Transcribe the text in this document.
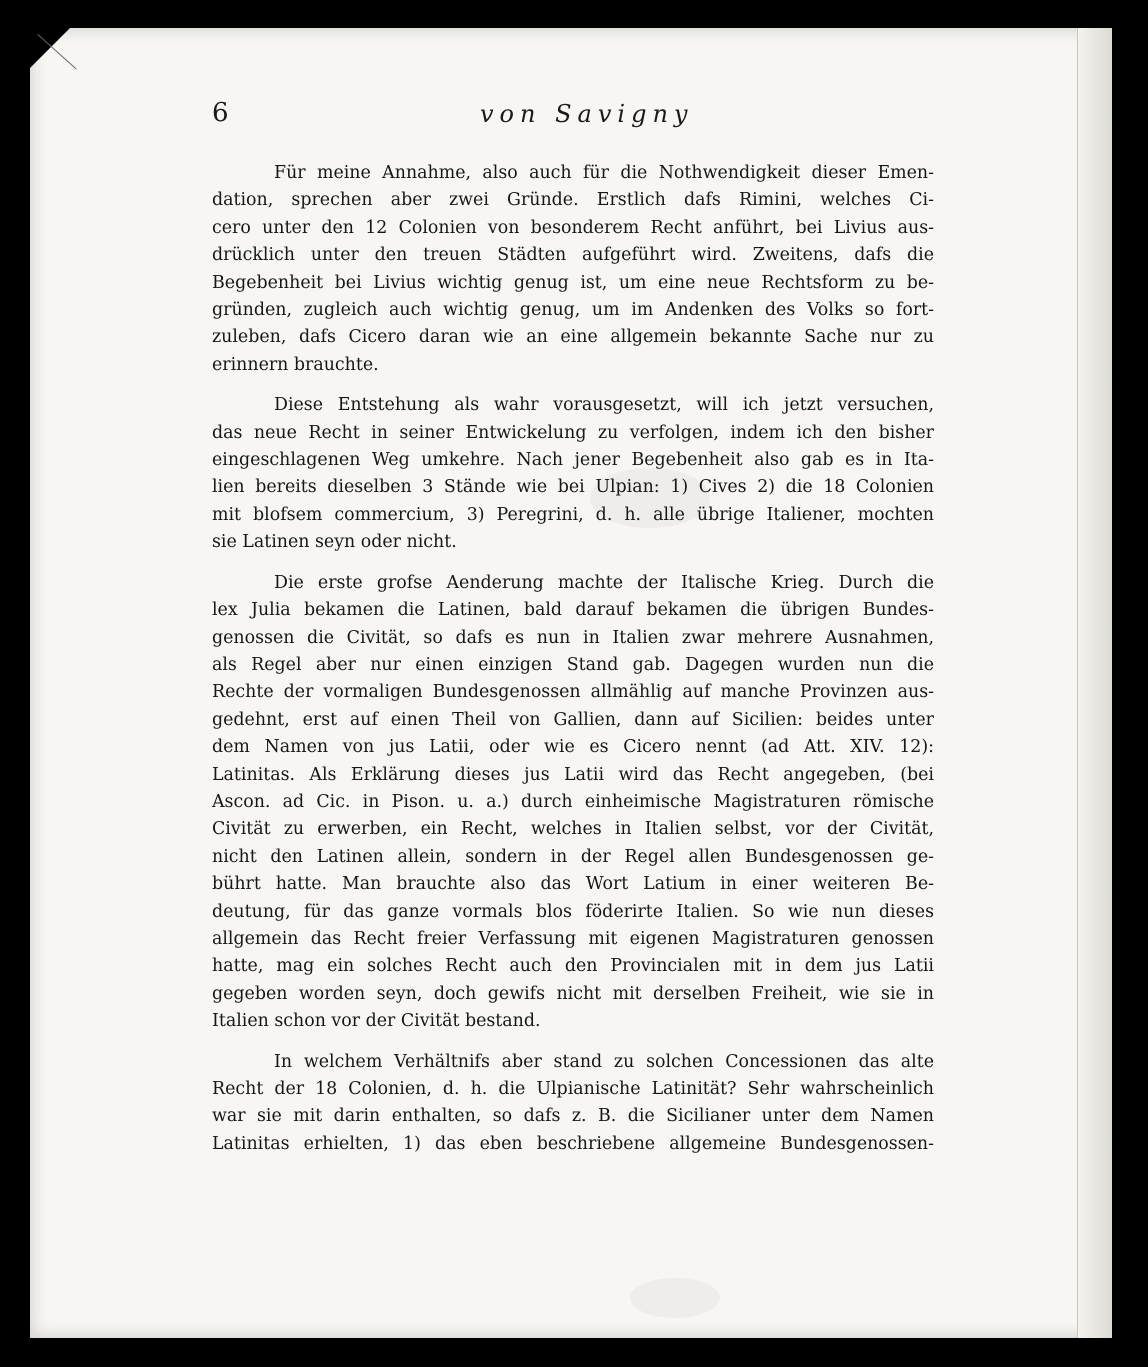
6	von Savigny
Für meine Annahme, also auch für die Nothwendigkeit dieser Emen-
dation, sprechen aber zwei Gründe. Erstlich dafs Rimini, welches Ci-
cero unter den 12 Colonien von besonderem Recht anführt, bei Livius aus-
drücklich unter den treuen Städten aufgeführt wird. Zweitens, dafs die
Begebenheit bei Livius wichtig genug ist, um eine neue Rechtsform zu be-
gründen, zugleich auch wichtig genug, um im Andenken des Volks so fort-
zuleben, dafs Cicero daran wie an eine allgemein bekannte Sache nur zu
erinnern brauchte.
Diese Entstehung als wahr vorausgesetzt, will ich jetzt versuchen,
das neue Recht in seiner Entwickelung zu verfolgen, indem ich den bisher
eingeschlagenen Weg umkehre. Nach jener Begebenheit also gab es in Ita-
lien bereits dieselben 3 Stände wie bei Ulpian: 1) Cives 2) die 18 Colonien
mit blofsem commercium, 3) Peregrini, d. h. alle übrige Italiener, mochten
sie Latinen seyn oder nicht.
Die erste grofse Aenderung machte der Italische Krieg. Durch die
lex Julia bekamen die Latinen, bald darauf bekamen die übrigen Bundes-
genossen die Civität, so dafs es nun in Italien zwar mehrere Ausnahmen,
als Regel aber nur einen einzigen Stand gab. Dagegen wurden nun die
Rechte der vormaligen Bundesgenossen allmählig auf manche Provinzen aus-
gedehnt, erst auf einen Theil von Gallien, dann auf Sicilien: beides unter
dem Namen von jus Latii, oder wie es Cicero nennt (ad Att. XIV. 12):
Latinitas. Als Erklärung dieses jus Latii wird das Recht angegeben, (bei
Ascon. ad Cic. in Pison. u. a.) durch einheimische Magistraturen römische
Civität zu erwerben, ein Recht, welches in Italien selbst, vor der Civität,
nicht den Latinen allein, sondern in der Regel allen Bundesgenossen ge-
bührt hatte. Man brauchte also das Wort Latium in einer weiteren Be-
deutung, für das ganze vormals blos föderirte Italien. So wie nun dieses
allgemein das Recht freier Verfassung mit eigenen Magistraturen genossen
hatte, mag ein solches Recht auch den Provincialen mit in dem jus Latii
gegeben worden seyn, doch gewifs nicht mit derselben Freiheit, wie sie in
Italien schon vor der Civität bestand.
In welchem Verhältnifs aber stand zu solchen Concessionen das alte
Recht der 18 Colonien, d. h. die Ulpianische Latinität? Sehr wahrscheinlich
war sie mit darin enthalten, so dafs z. B. die Sicilianer unter dem Namen
Latinitas erhielten, 1) das eben beschriebene allgemeine Bundesgenossen-
